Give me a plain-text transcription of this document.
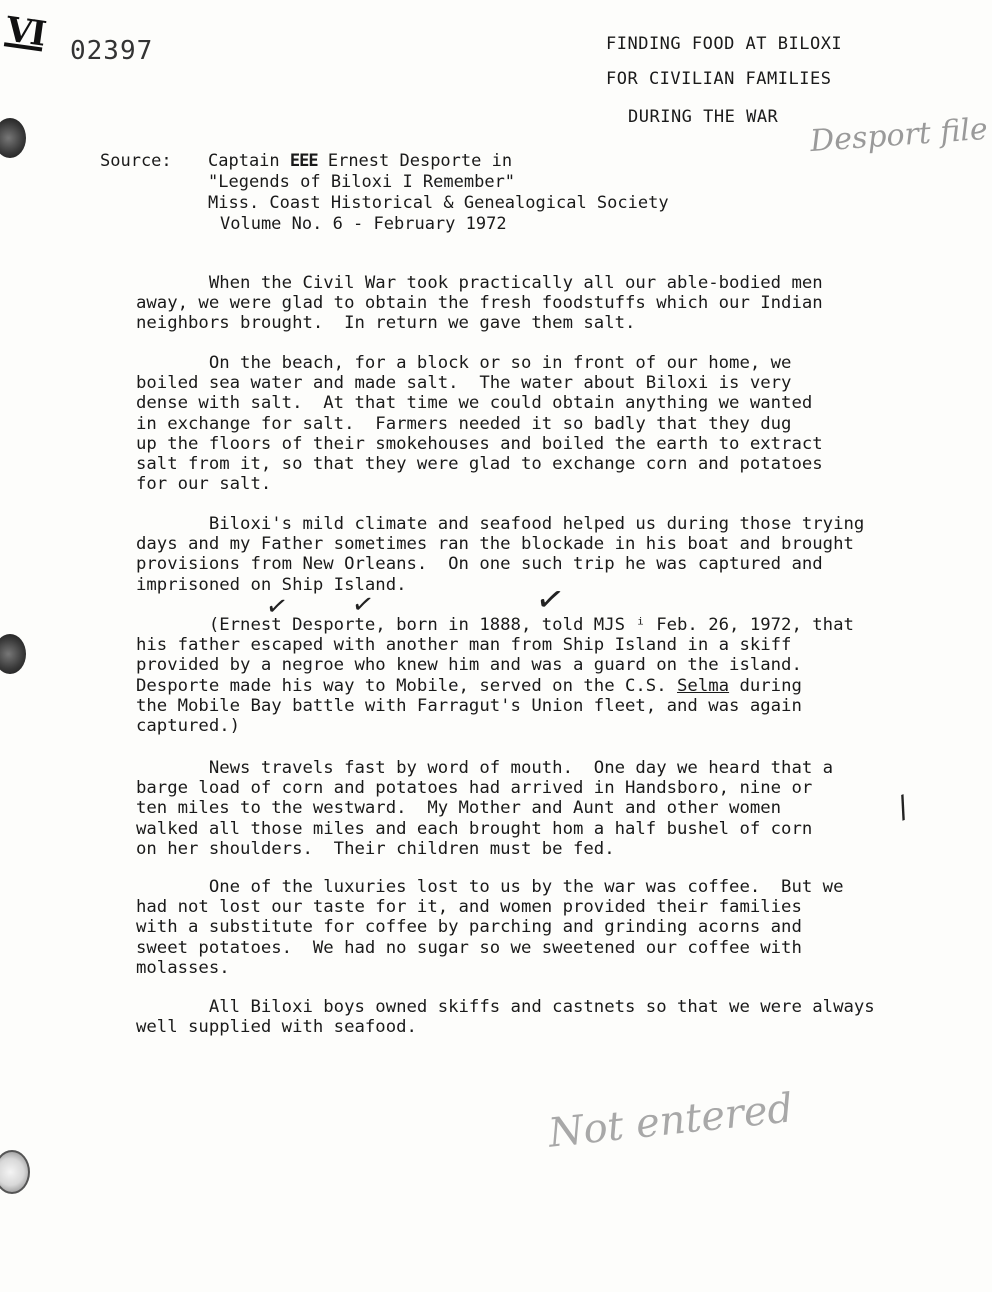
VI 02397	FINDING FOOD AT BILOXI
FOR CIVILIAN FAMILIES
DURING THE WAR Desport file
Source: Captain EEE Ernest Desporte in
"Legends of Biloxi I Remember"
Miss. Coast Historical & Genealogical Society
Volume No. 6 - February 1972
When the Civil War took practically all our able-bodied men
away, we were glad to obtain the fresh foodstuffs which our Indian
neighbors brought.  In return we gave them salt.
On the beach, for a block or so in front of our home, we
boiled sea water and made salt.  The water about Biloxi is very
dense with salt.  At that time we could obtain anything we wanted
in exchange for salt.  Farmers needed it so badly that they dug
up the floors of their smokehouses and boiled the earth to extract
salt from it, so that they were glad to exchange corn and potatoes
for our salt.
Biloxi's mild climate and seafood helped us during those trying
days and my Father sometimes ran the blockade in his boat and brought
provisions from New Orleans.  On one such trip he was captured and
imprisoned on Ship Island.
✓ ✓	✓
(Ernest Desporte, born in 1888, told MJS ⁱ Feb. 26, 1972, that
his father escaped with another man from Ship Island in a skiff
provided by a negroe who knew him and was a guard on the island.
Desporte made his way to Mobile, served on the C.S. Selma during
the Mobile Bay battle with Farragut's Union fleet, and was again
captured.)
/
News travels fast by word of mouth.  One day we heard that a
barge load of corn and potatoes had arrived in Handsboro, nine or
ten miles to the westward.  My Mother and Aunt and other women
walked all those miles and each brought hom a half bushel of corn
on her shoulders.  Their children must be fed.
One of the luxuries lost to us by the war was coffee.  But we
had not lost our taste for it, and women provided their families
with a substitute for coffee by parching and grinding acorns and
sweet potatoes.  We had no sugar so we sweetened our coffee with
molasses.
All Biloxi boys owned skiffs and castnets so that we were always
well supplied with seafood.
Not entered
